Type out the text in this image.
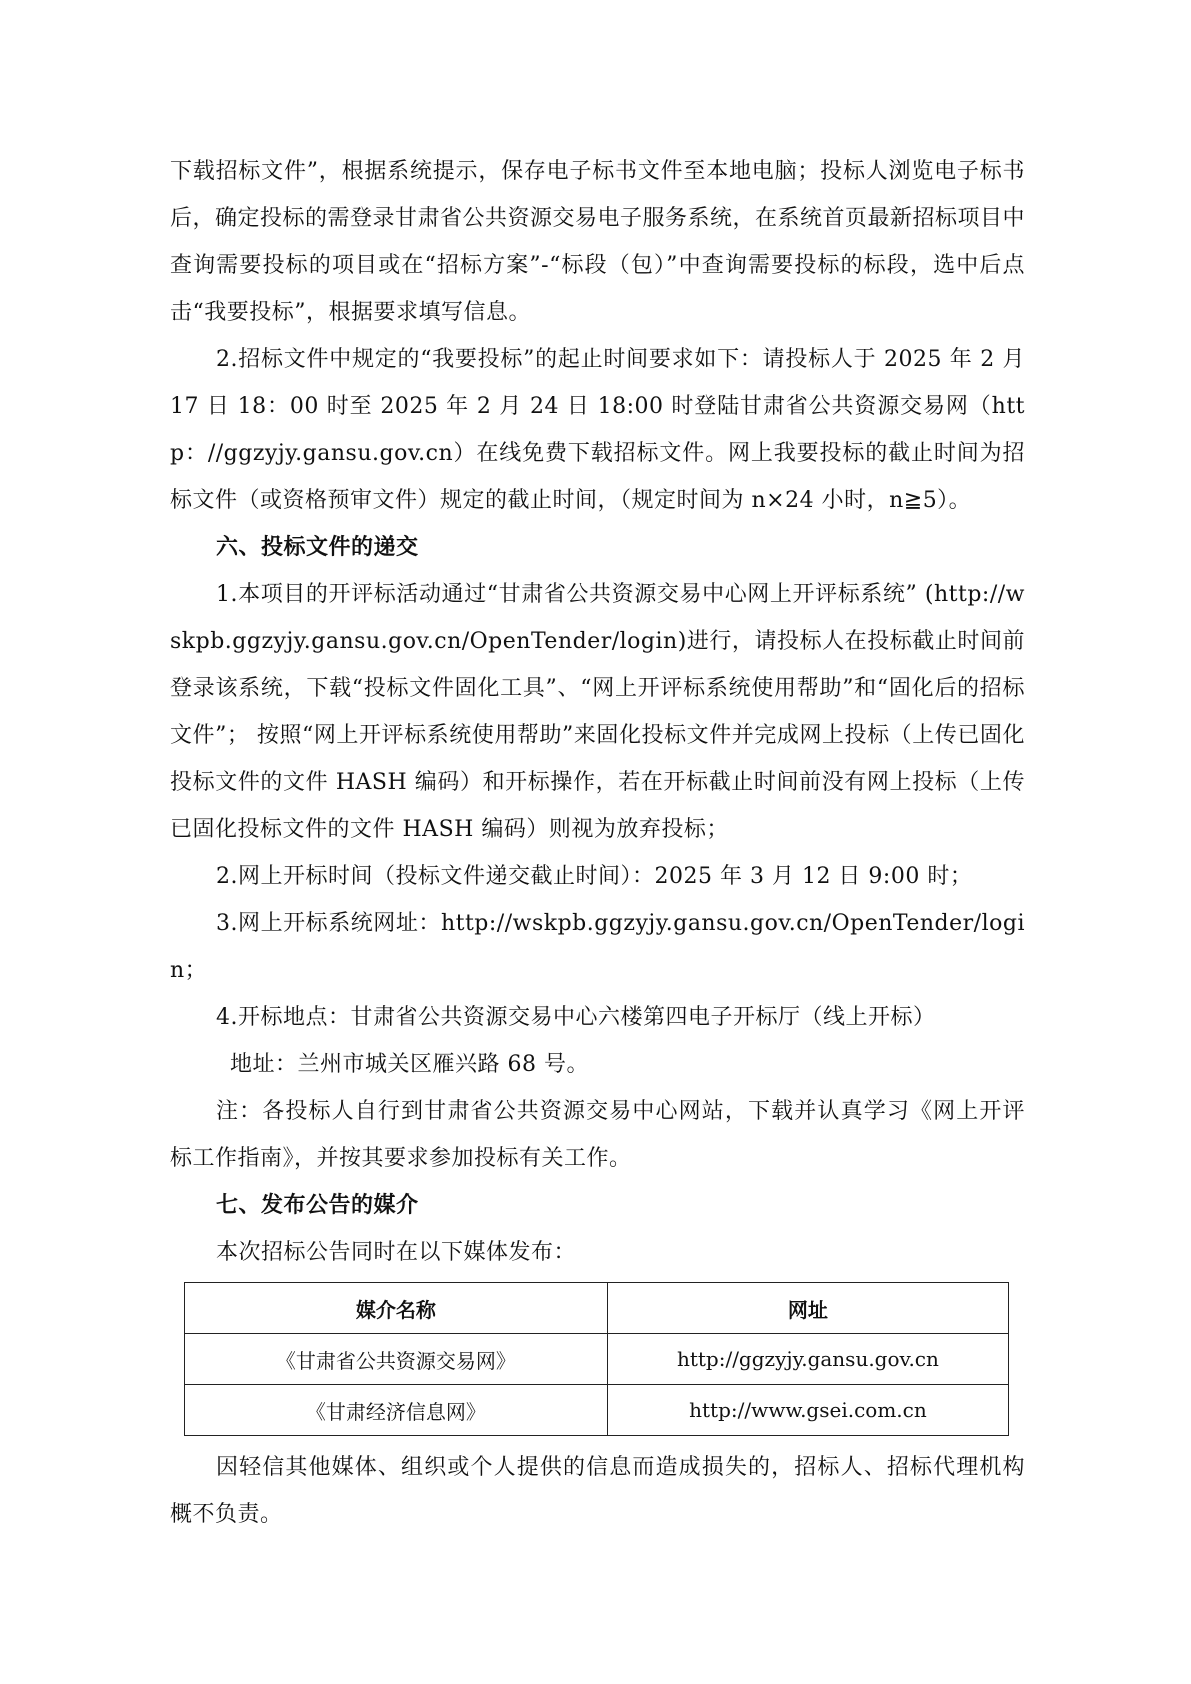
下载招标文件”，根据系统提示，保存电子标书文件至本地电脑；投标人浏览电子标书后，确定投标的需登录甘肃省公共资源交易电子服务系统，在系统首页最新招标项目中查询需要投标的项目或在“招标方案”-“标段（包）”中查询需要投标的标段，选中后点击“我要投标”，根据要求填写信息。

2.招标文件中规定的“我要投标”的起止时间要求如下：请投标人于 2025 年 2 月 17 日 18：00 时至 2025 年 2 月 24 日 18:00 时登陆甘肃省公共资源交易网（http：//ggzyjy.gansu.gov.cn）在线免费下载招标文件。网上我要投标的截止时间为招标文件（或资格预审文件）规定的截止时间，（规定时间为 n×24 小时，n≧5）。

六、投标文件的递交

1.本项目的开评标活动通过“甘肃省公共资源交易中心网上开评标系统” (http://wskpb.ggzyjy.gansu.gov.cn/OpenTender/login)进行，请投标人在投标截止时间前登录该系统，下载“投标文件固化工具”、“网上开评标系统使用帮助”和“固化后的招标文件”； 按照“网上开评标系统使用帮助”来固化投标文件并完成网上投标（上传已固化投标文件的文件 HASH 编码）和开标操作，若在开标截止时间前没有网上投标（上传已固化投标文件的文件 HASH 编码）则视为放弃投标；

2.网上开标时间（投标文件递交截止时间）：2025 年 3 月 12 日 9:00 时；

3.网上开标系统网址：http://wskpb.ggzyjy.gansu.gov.cn/OpenTender/login；

4.开标地点：甘肃省公共资源交易中心六楼第四电子开标厅（线上开标）

地址：兰州市城关区雁兴路 68 号。

注：各投标人自行到甘肃省公共资源交易中心网站，下载并认真学习《网上开评标工作指南》，并按其要求参加投标有关工作。

七、发布公告的媒介

本次招标公告同时在以下媒体发布：

媒介名称	网址
《甘肃省公共资源交易网》	http://ggzyjy.gansu.gov.cn
《甘肃经济信息网》	http://www.gsei.com.cn

因轻信其他媒体、组织或个人提供的信息而造成损失的，招标人、招标代理机构概不负责。
